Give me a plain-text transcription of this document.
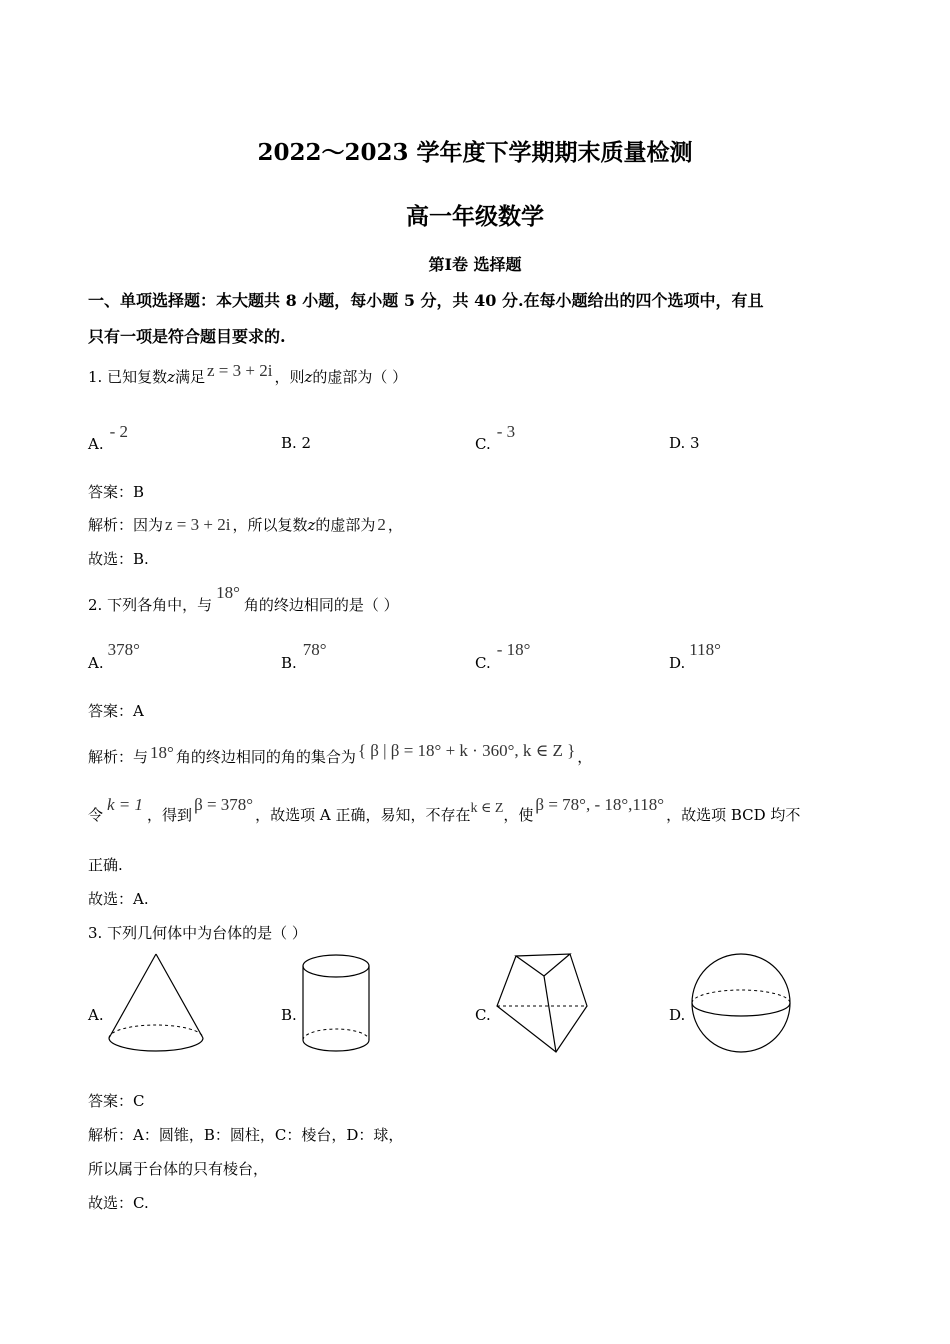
2022～2023 学年度下学期期末质量检测
高一年级数学
第Ⅰ卷 选择题
一、单项选择题：本大题共 8 小题，每小题 5 分，共 40 分.在每小题给出的四个选项中，有且
只有一项是符合题目要求的.
1. 已知复数z满足 z = 3 + 2i ，则z的虚部为（ ）
A.- 2
B. 2	C.- 3
D. 3
答案：B
解析：因为 z = 3 + 2i ，所以复数z的虚部为 2 ，
故选：B.
2. 下列各角中，与18°角的终边相同的是（ ）
A.378°
B.78°
C.- 18°
D.118°
答案：A
解析：与 18° 角的终边相同的角的集合为 { β | β = 18° + k · 360°, k ∈ Z } ，
令k = 1，得到β = 378°，故选项 A 正确，易知，不存在k ∈ Z，使β = 78°, - 18°,118°，故选项 BCD 均不
正确.
故选：A.
3. 下列几何体中为台体的是（ ）
A.	B.	C.	D.
答案：C
解析：A：圆锥，B：圆柱，C：棱台，D：球，
所以属于台体的只有棱台，
故选：C.
